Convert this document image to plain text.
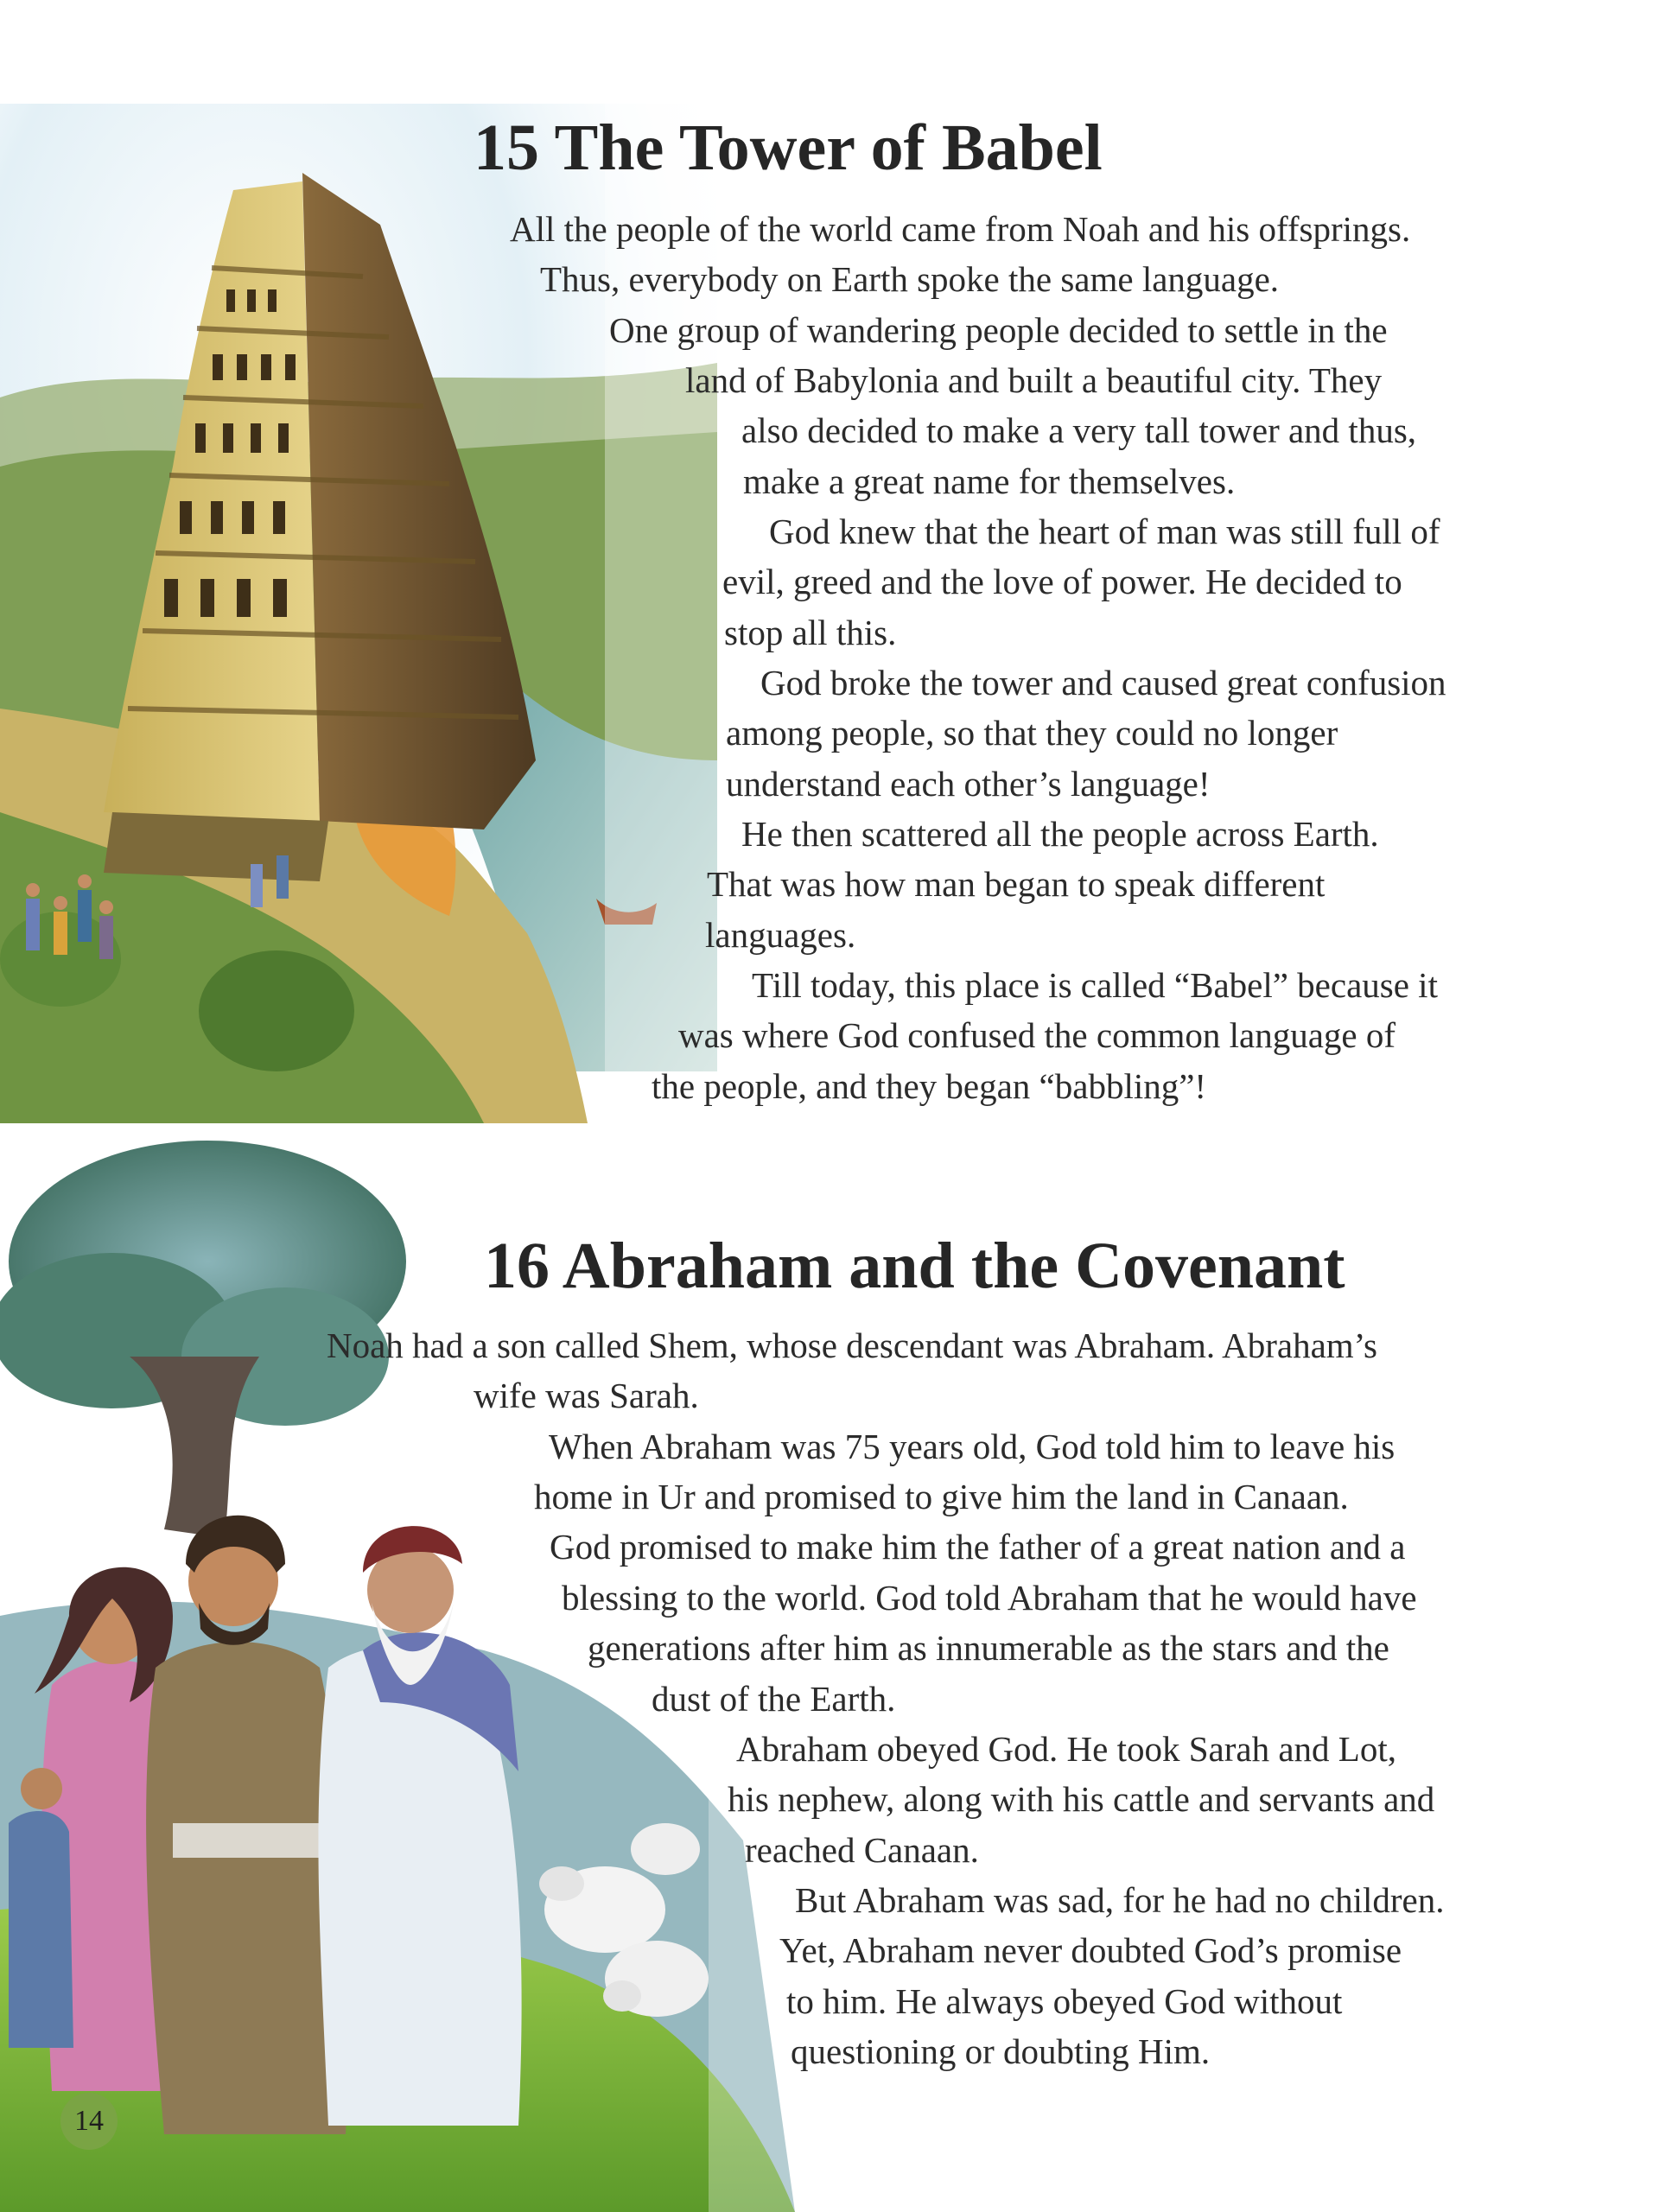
15 The Tower of Babel
All the people of the world came from Noah and his offsprings.
Thus, everybody on Earth spoke the same language.
One group of wandering people decided to settle in the
land of Babylonia and built a beautiful city. They
also decided to make a very tall tower and thus,
make a great name for themselves.
God knew that the heart of man was still full of
evil, greed and the love of power. He decided to
stop all this.
God broke the tower and caused great confusion
among people, so that they could no longer
understand each other’s language!
He then scattered all the people across Earth.
That was how man began to speak different
languages.
Till today, this place is called “Babel” because it
was where God confused the common language of
the people, and they began “babbling”!
16 Abraham and the Covenant
Noah had a son called Shem, whose descendant was Abraham. Abraham’s
wife was Sarah.
When Abraham was 75 years old, God told him to leave his
home in Ur and promised to give him the land in Canaan.
God promised to make him the father of a great nation and a
blessing to the world. God told Abraham that he would have
generations after him as innumerable as the stars and the
dust of the Earth.
Abraham obeyed God. He took Sarah and Lot,
his nephew, along with his cattle and servants and
reached Canaan.
But Abraham was sad, for he had no children.
Yet, Abraham never doubted God’s promise
to him. He always obeyed God without
questioning or doubting Him.
14
